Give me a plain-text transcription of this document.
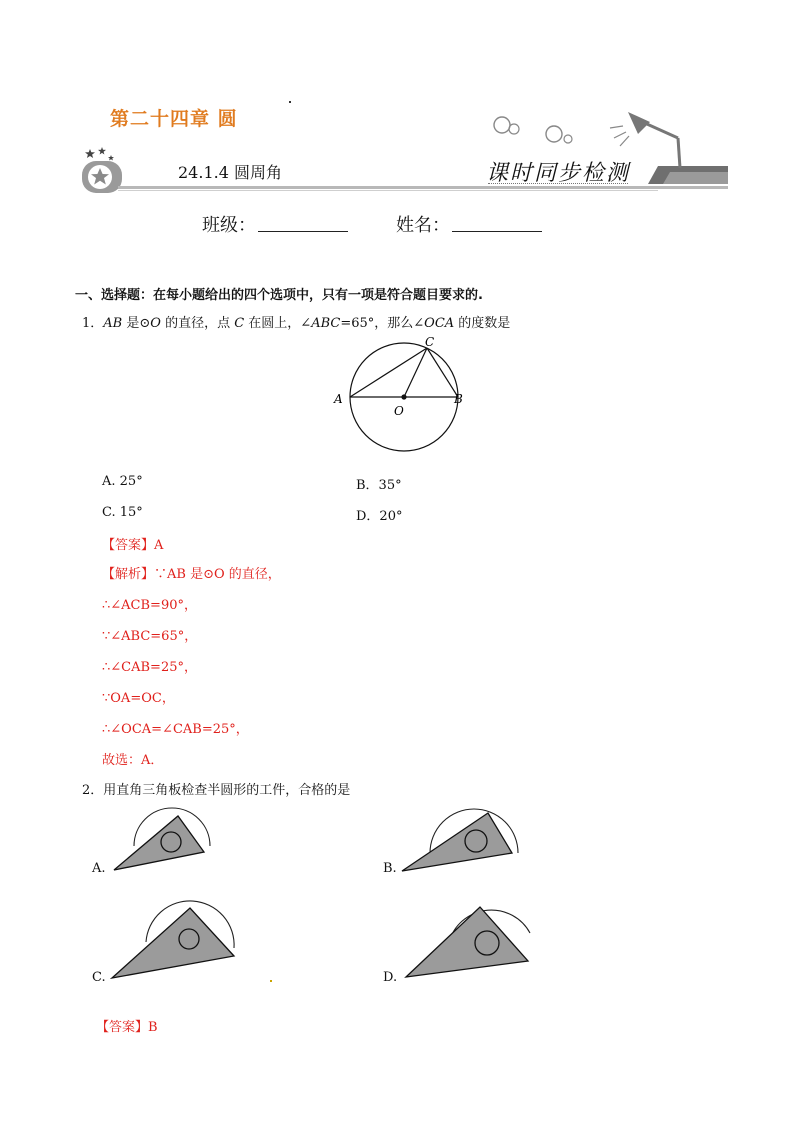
第二十四章 圆
24.1.4 圆周角	课时同步检测
班级：	姓名：
一、选择题：在每小题给出的四个选项中，只有一项是符合题目要求的.
1．AB 是⊙O 的直径，点 C 在圆上，∠ABC=65°，那么∠OCA 的度数是
A	B
C
O
A. 25°	B．35°
C. 15°	D．20°
【答案】A
【解析】∵AB 是⊙O 的直径，
∴∠ACB=90°，
∵∠ABC=65°，
∴∠CAB=25°，
∵OA=OC，
∴∠OCA=∠CAB=25°，
故选：A．
2．用直角三角板检查半圆形的工件，合格的是
A.	B.
C.	D.
【答案】B
